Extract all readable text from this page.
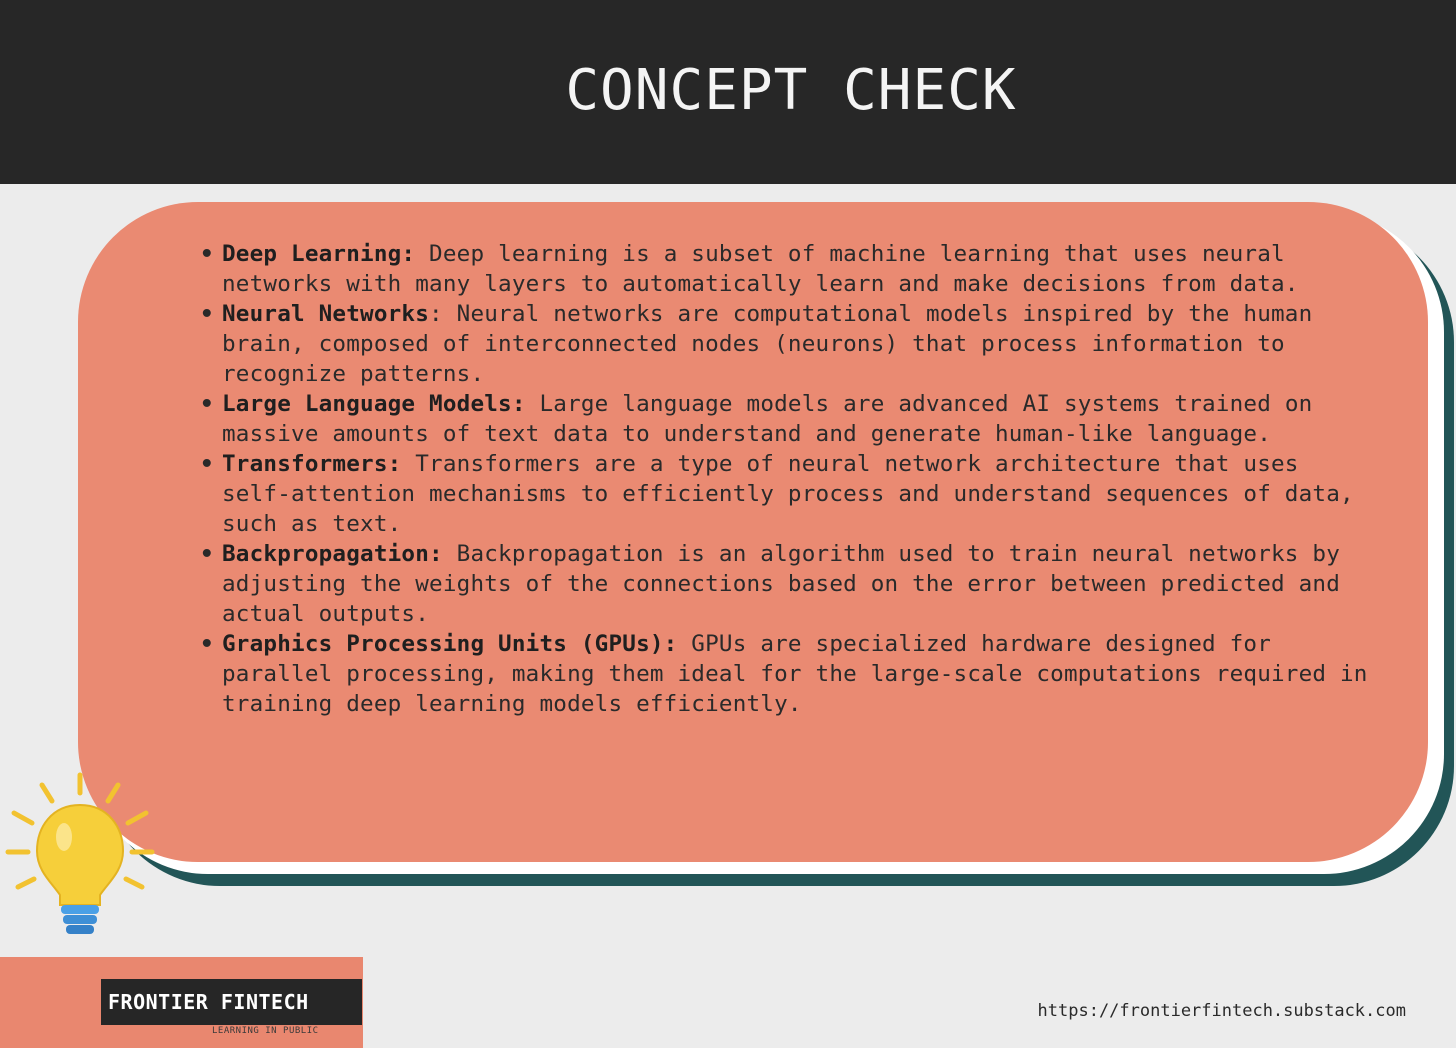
CONCEPT CHECK
• Deep Learning: Deep learning is a subset of machine learning that uses neural networks with many layers to automatically learn and make decisions from data.
• Neural Networks: Neural networks are computational models inspired by the human brain, composed of interconnected nodes (neurons) that process information to recognize patterns.
• Large Language Models: Large language models are advanced AI systems trained on massive amounts of text data to understand and generate human-like language.
• Transformers: Transformers are a type of neural network architecture that uses self-attention mechanisms to efficiently process and understand sequences of data, such as text.
• Backpropagation: Backpropagation is an algorithm used to train neural networks by adjusting the weights of the connections based on the error between predicted and actual outputs.
• Graphics Processing Units (GPUs): GPUs are specialized hardware designed for parallel processing, making them ideal for the large-scale computations required in training deep learning models efficiently.
FRONTIER FINTECH
LEARNING IN PUBLIC
https://frontierfintech.substack.com
